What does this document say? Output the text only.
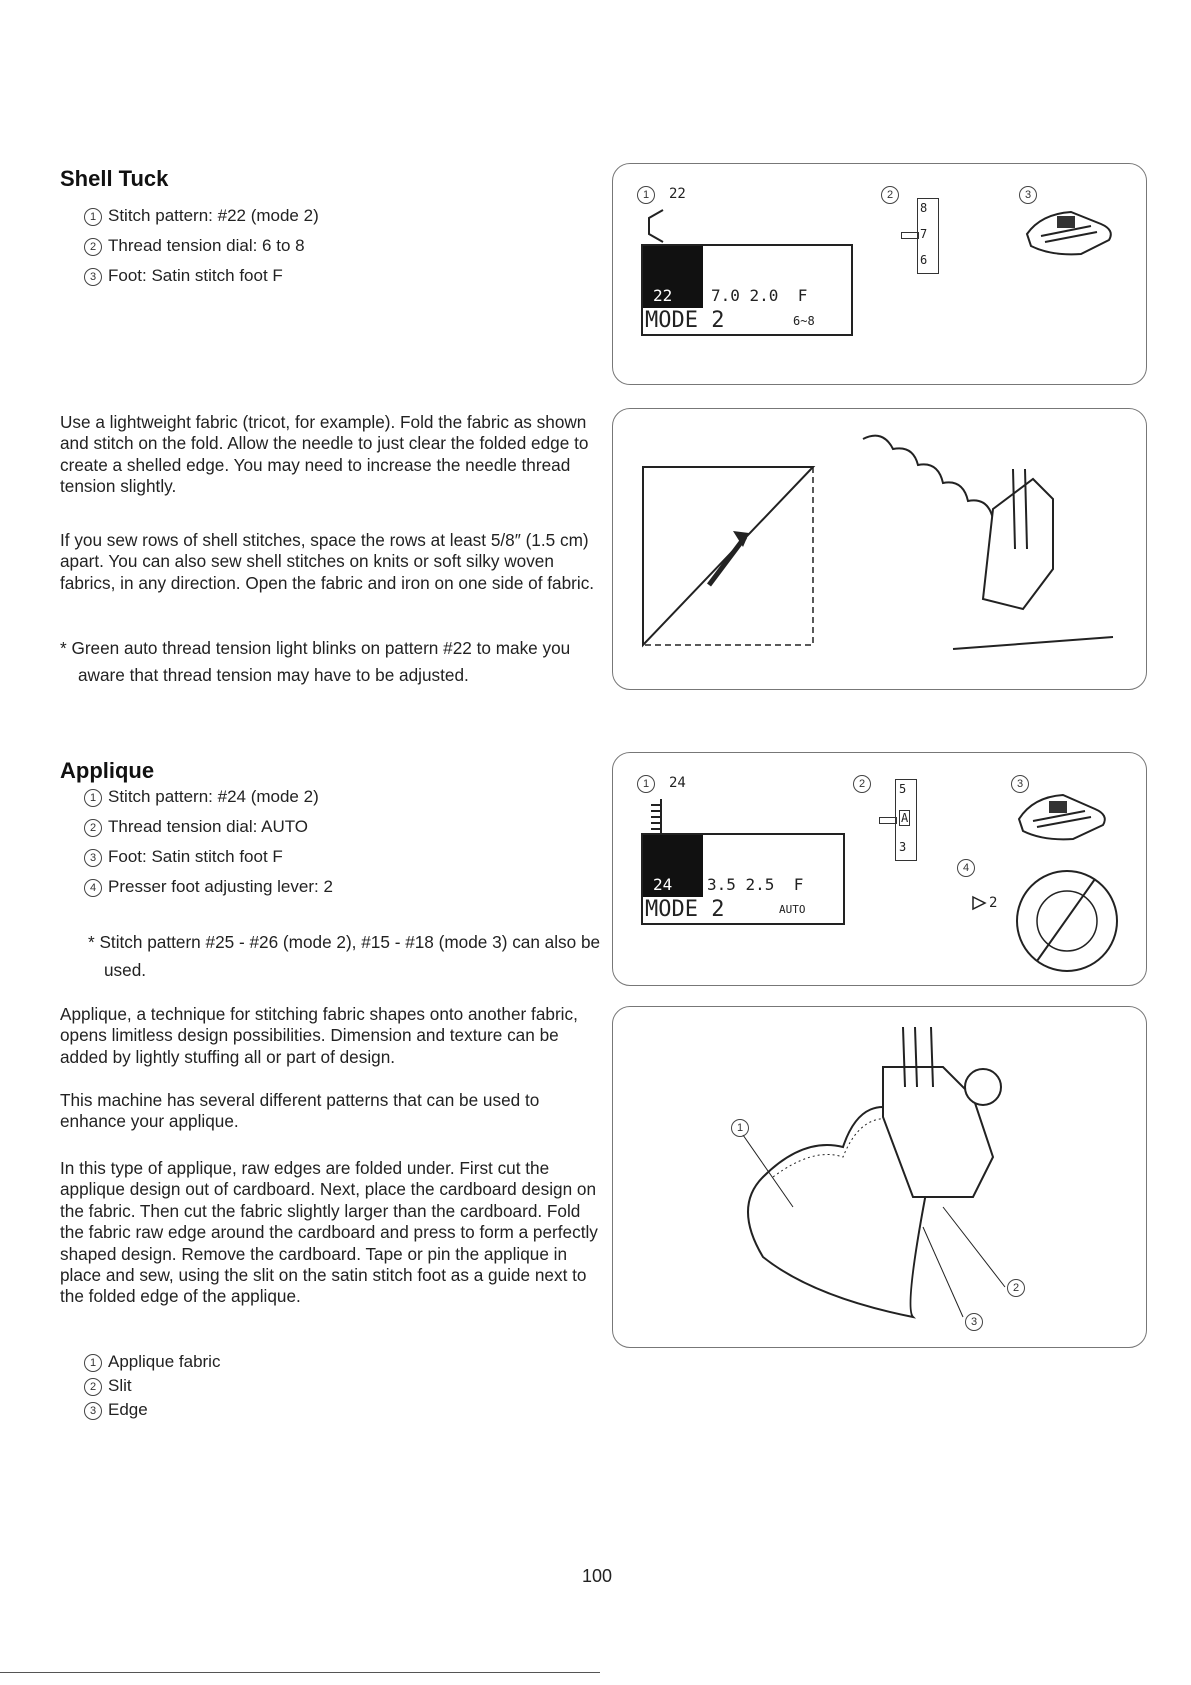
Shell Tuck
1 Stitch pattern: #22 (mode 2)
2 Thread tension dial: 6 to 8
3 Foot: Satin stitch foot F

Use a lightweight fabric (tricot, for example). Fold the fabric as shown and stitch on the fold. Allow the needle to just clear the folded edge to create a shelled edge. You may need to increase the needle thread tension slightly.

If you sew rows of shell stitches, space the rows at least 5/8″ (1.5 cm) apart. You can also sew shell stitches on knits or soft silky woven fabrics, in any direction. Open the fabric and iron on one side of fabric.

* Green auto thread tension light blinks on pattern #22 to make you aware that thread tension may have to be adjusted.

1	22	2	3
8
7
6
22 7.0 2.0  F
MODE 2	6~8
Applique
1 Stitch pattern: #24 (mode 2)
2 Thread tension dial: AUTO
3 Foot: Satin stitch foot F
4 Presser foot adjusting lever: 2

* Stitch pattern #25 - #26 (mode 2), #15 - #18 (mode 3) can also be used.

Applique, a technique for stitching fabric shapes onto another fabric, opens limitless design possibilities. Dimension and texture can be added by lightly stuffing all or part of design.

This machine has several different patterns that can be used to enhance your applique.

In this type of applique, raw edges are folded under. First cut the applique design out of cardboard. Next, place the cardboard design on the fabric. Then cut the fabric slightly larger than the cardboard. Fold the fabric raw edge around the cardboard and press to form a perfectly shaped design. Remove the cardboard. Tape or pin the applique in place and sew, using the slit on the satin stitch foot as a guide next to the folded edge of the applique.

1 Applique fabric
2 Slit
3 Edge
1	24	2	3
4
5
A
3
2
24 3.5 2.5  F
MODE 2	AUTO
1
2
3
100
